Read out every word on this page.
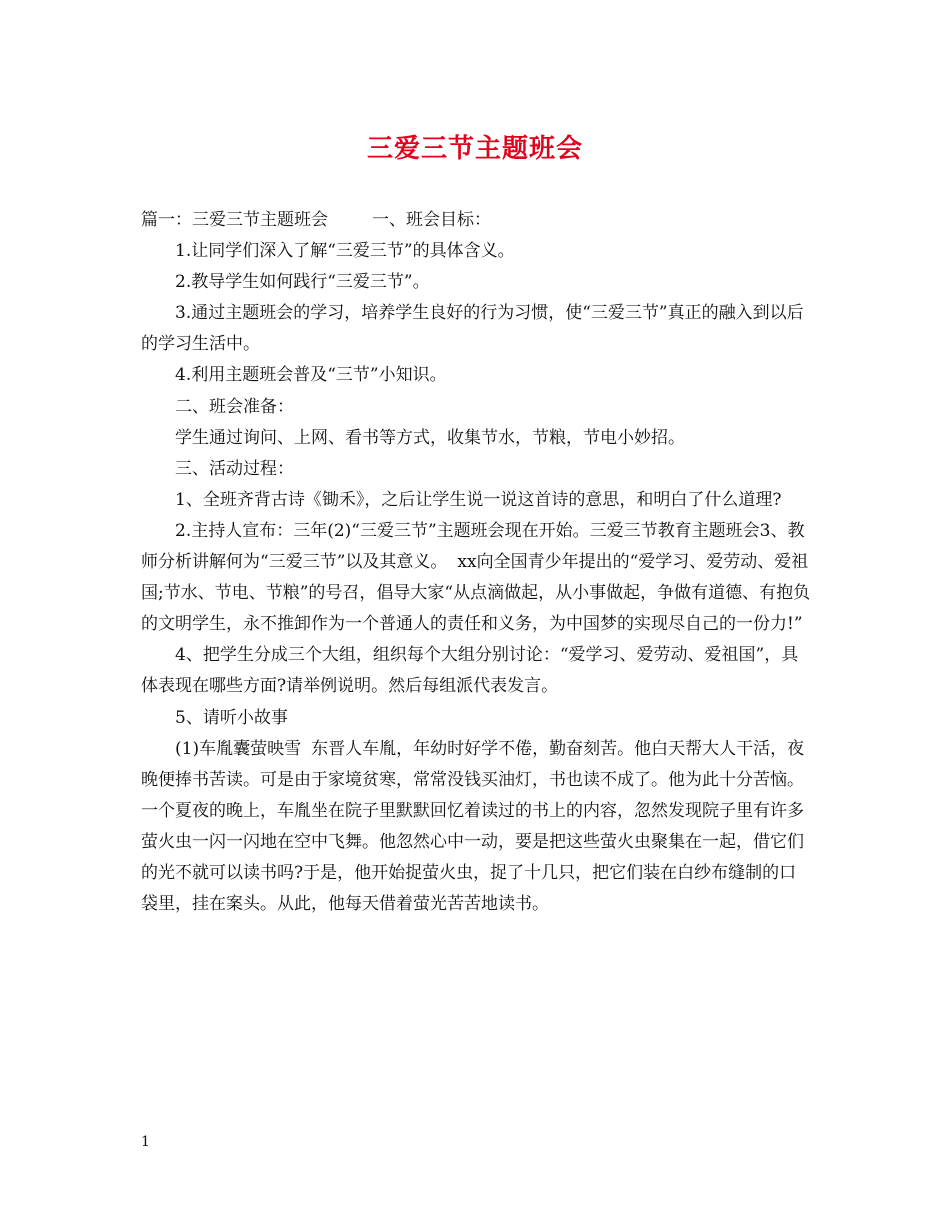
三爱三节主题班会

篇一：三爱三节主题班会	一、班会目标：

1.让同学们深入了解“三爱三节”的具体含义。

2.教导学生如何践行“三爱三节”。

3.通过主题班会的学习，培养学生良好的行为习惯，使“三爱三节”真正的融入到以后的学习生活中。

4.利用主题班会普及“三节”小知识。

二、班会准备：

学生通过询问、上网、看书等方式，收集节水，节粮，节电小妙招。

三、活动过程：

1、全班齐背古诗《锄禾》，之后让学生说一说这首诗的意思，和明白了什么道理?

2.主持人宣布：三年(2)“三爱三节”主题班会现在开始。三爱三节教育主题班会3、教师分析讲解何为“三爱三节”以及其意义。 xx向全国青少年提出的“爱学习、爱劳动、爱祖国;节水、节电、节粮”的号召，倡导大家“从点滴做起，从小事做起，争做有道德、有抱负的文明学生，永不推卸作为一个普通人的责任和义务，为中国梦的实现尽自己的一份力!”

4、把学生分成三个大组，组织每个大组分别讨论：“爱学习、爱劳动、爱祖国”，具体表现在哪些方面?请举例说明。然后每组派代表发言。

5、请听小故事

(1)车胤囊萤映雪 东晋人车胤，年幼时好学不倦，勤奋刻苦。他白天帮大人干活，夜晚便捧书苦读。可是由于家境贫寒，常常没钱买油灯，书也读不成了。他为此十分苦恼。一个夏夜的晚上，车胤坐在院子里默默回忆着读过的书上的内容，忽然发现院子里有许多萤火虫一闪一闪地在空中飞舞。他忽然心中一动，要是把这些萤火虫聚集在一起，借它们的光不就可以读书吗?于是，他开始捉萤火虫，捉了十几只，把它们装在白纱布缝制的口袋里，挂在案头。从此，他每天借着萤光苦苦地读书。

1
